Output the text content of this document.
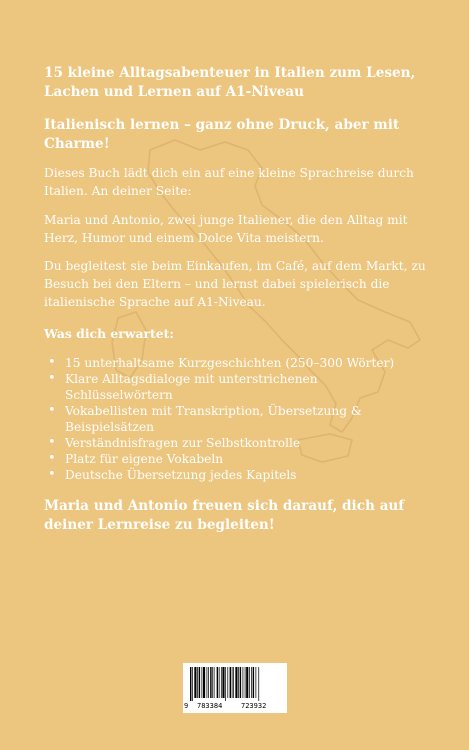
15 kleine Alltagsabenteuer in Italien zum Lesen, Lachen und Lernen auf A1-Niveau

Italienisch lernen – ganz ohne Druck, aber mit Charme!

Dieses Buch lädt dich ein auf eine kleine Sprachreise durch Italien. An deiner Seite:

Maria und Antonio, zwei junge Italiener, die den Alltag mit Herz, Humor und einem Dolce Vita meistern.

Du begleitest sie beim Einkaufen, im Café, auf dem Markt, zu Besuch bei den Eltern – und lernst dabei spielerisch die italienische Sprache auf A1-Niveau.

Was dich erwartet:

• 15 unterhaltsame Kurzgeschichten (250–300 Wörter)
• Klare Alltagsdialoge mit unterstrichenen Schlüsselwörtern
• Vokabellisten mit Transkription, Übersetzung & Beispielsätzen
• Verständnisfragen zur Selbstkontrolle
• Platz für eigene Vokabeln
• Deutsche Übersetzung jedes Kapitels

Maria und Antonio freuen sich darauf, dich auf deiner Lernreise zu begleiten!

9 783384	723932
